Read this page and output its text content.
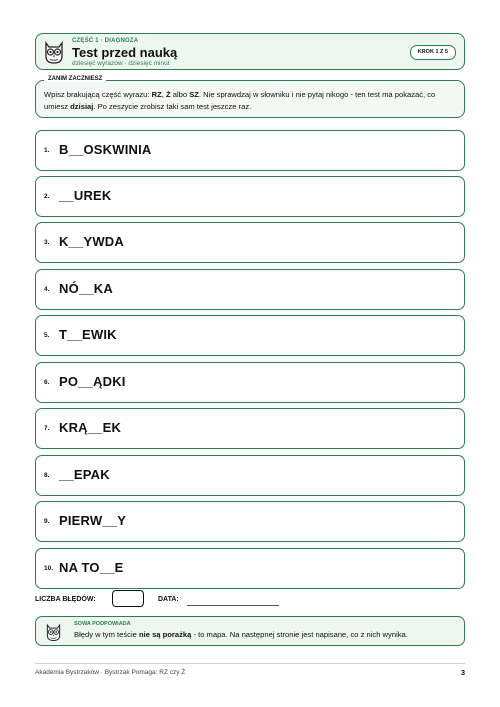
CZĘŚĆ 1 · DIAGNOZA
Test przed nauką
dziesięć wyrazów · dziesięć minut
KROK 1 Z 5
ZANIM ZACZNIESZ
Wpisz brakującą część wyrazu: RZ, Ż albo SZ. Nie sprawdzaj w słowniku i nie pytaj nikogo - ten test ma pokazać, co umiesz dzisiaj. Po zeszycie zrobisz taki sam test jeszcze raz.
1. B__OSKWINIA
2. __UREK
3. K__YWDA
4. NÓ__KA
5. T__EWIK
6. PO__ĄDKI
7. KRĄ__EK
8. __EPAK
9. PIERW__Y
10. NA TO__E
LICZBA BŁĘDÓW:	DATA:
SOWA PODPOWIADA
Błędy w tym teście nie są porażką - to mapa. Na następnej stronie jest napisane, co z nich wynika.
Akademia Bystrzaków · Bystrzak Pomaga: RZ czy Ż	3
